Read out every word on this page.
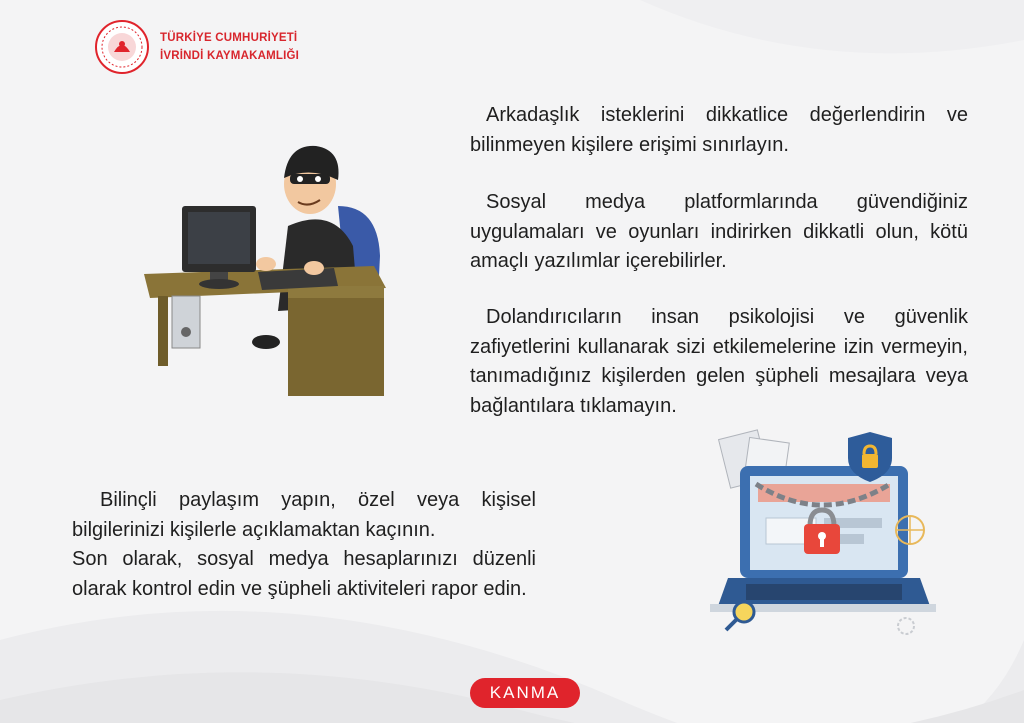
TÜRKİYE CUMHURİYETİ
İVRİNDİ KAYMAKAMLIĞI

Arkadaşlık isteklerini dikkatlice değerlendirin ve bilinmeyen kişilere erişimi sınırlayın.

Sosyal medya platformlarında güvendiğiniz uygulamaları ve oyunları indirirken dikkatli olun, kötü amaçlı yazılımlar içerebilirler.

Dolandırıcıların insan psikolojisi ve güvenlik zafiyetlerini kullanarak sizi etkilemelerine izin vermeyin, tanımadığınız kişilerden gelen şüpheli mesajlara veya bağlantılara tıklamayın.

Bilinçli paylaşım yapın, özel veya kişisel bilgilerinizi kişilerle açıklamaktan kaçının.
Son olarak, sosyal medya hesaplarınızı düzenli olarak kontrol edin ve şüpheli aktiviteleri rapor edin.

KANMA
